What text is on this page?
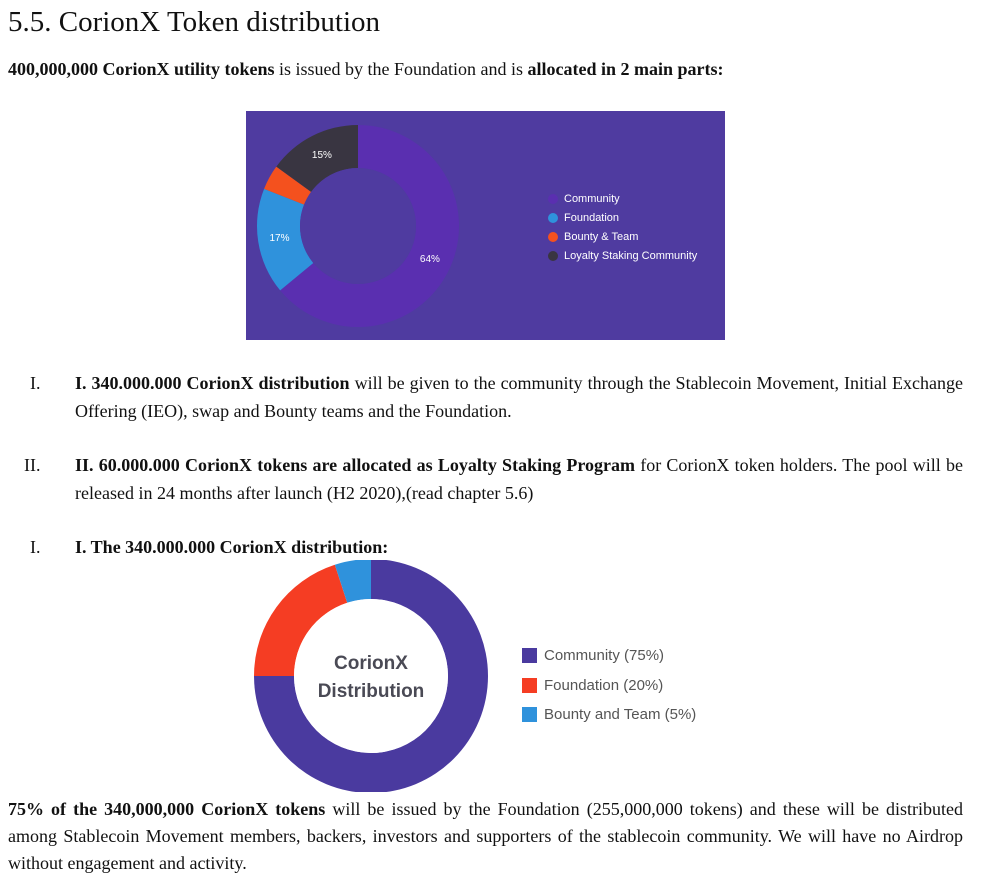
5.5. CorionX Token distribution
400,000,000 CorionX utility tokens is issued by the Foundation and is allocated in 2 main parts:
Community
Foundation
Bounty & Team
Loyalty Staking Community
64%
17%
15%
I. I. 340.000.000 CorionX distribution will be given to the community through the Stablecoin Movement, Initial Exchange Offering (IEO), swap and Bounty teams and the Foundation.
II. II. 60.000.000 CorionX tokens are allocated as Loyalty Staking Program for CorionX token holders. The pool will be released in 24 months after launch (H2 2020),(read chapter 5.6)
I. I. The 340.000.000 CorionX distribution:
CorionX
Distribution
Community (75%)
Foundation (20%)
Bounty and Team (5%)
75% of the 340,000,000 CorionX tokens will be issued by the Foundation (255,000,000 tokens) and these will be distributed among Stablecoin Movement members, backers, investors and supporters of the stablecoin community. We will have no Airdrop without engagement and activity.
